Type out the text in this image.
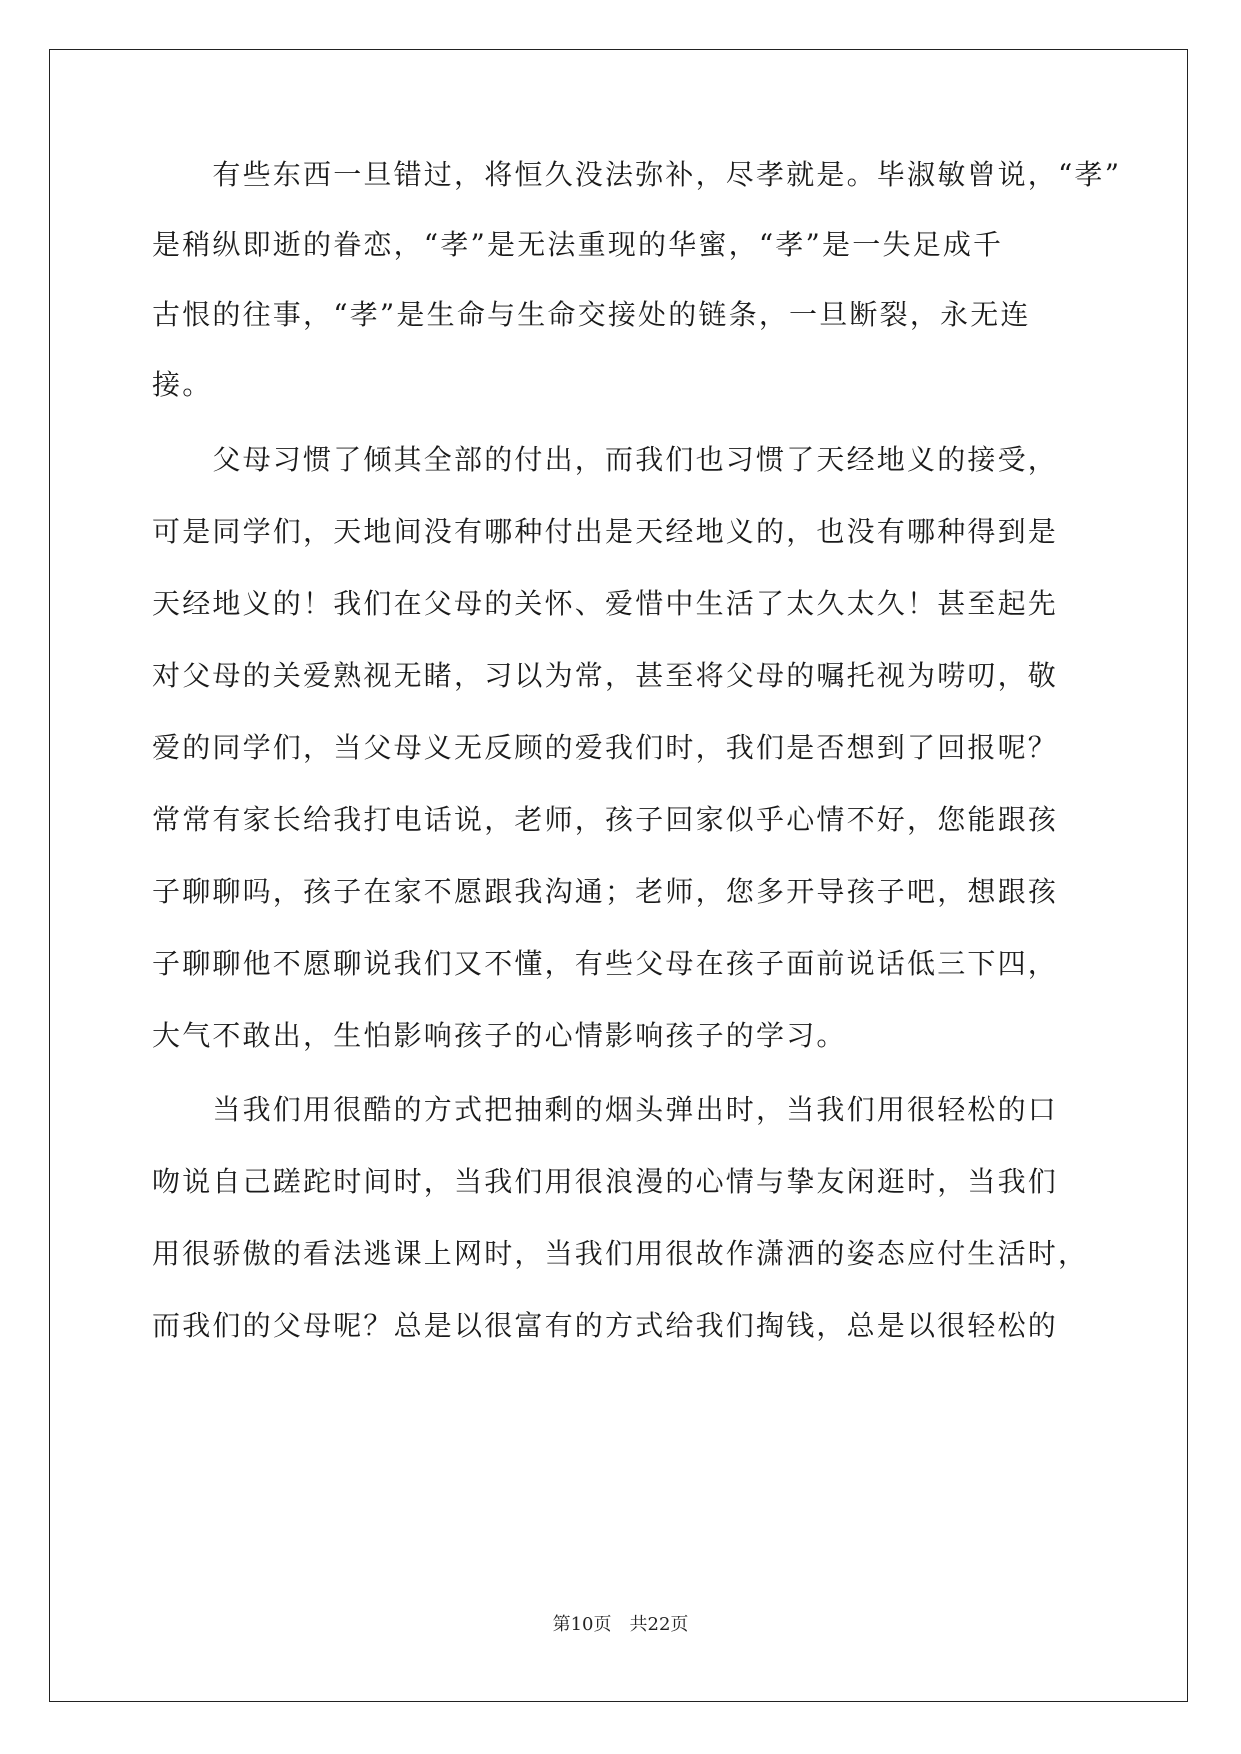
　　有些东西一旦错过，将恒久没法弥补，尽孝就是。毕淑敏曾说，“孝”
是稍纵即逝的眷恋，“孝”是无法重现的华蜜，“孝”是一失足成千
古恨的往事，“孝”是生命与生命交接处的链条，一旦断裂，永无连
接。
　　父母习惯了倾其全部的付出，而我们也习惯了天经地义的接受，
可是同学们，天地间没有哪种付出是天经地义的，也没有哪种得到是
天经地义的！我们在父母的关怀、爱惜中生活了太久太久！甚至起先
对父母的关爱熟视无睹，习以为常，甚至将父母的嘱托视为唠叨，敬
爱的同学们，当父母义无反顾的爱我们时，我们是否想到了回报呢？
常常有家长给我打电话说，老师，孩子回家似乎心情不好，您能跟孩
子聊聊吗，孩子在家不愿跟我沟通；老师，您多开导孩子吧，想跟孩
子聊聊他不愿聊说我们又不懂，有些父母在孩子面前说话低三下四，
大气不敢出，生怕影响孩子的心情影响孩子的学习。
　　当我们用很酷的方式把抽剩的烟头弹出时，当我们用很轻松的口
吻说自己蹉跎时间时，当我们用很浪漫的心情与挚友闲逛时，当我们
用很骄傲的看法逃课上网时，当我们用很故作潇洒的姿态应付生活时，
而我们的父母呢？总是以很富有的方式给我们掏钱，总是以很轻松的
第10页　共22页
